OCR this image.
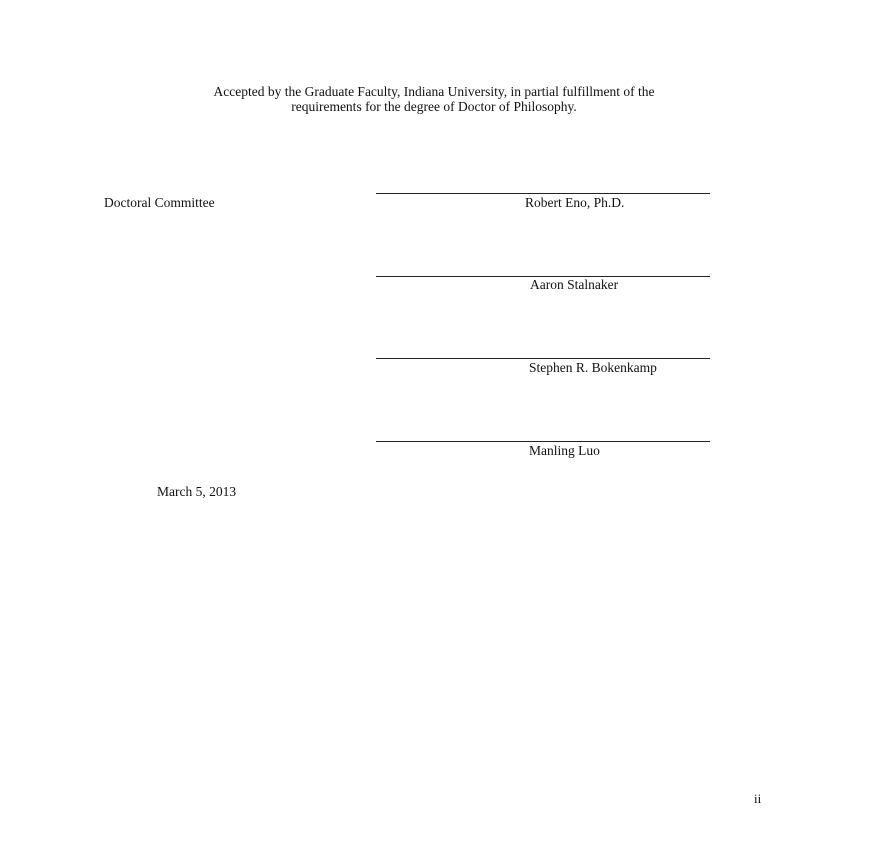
Accepted by the Graduate Faculty, Indiana University, in partial fulfillment of the
requirements for the degree of Doctor of Philosophy.
Doctoral Committee	Robert Eno, Ph.D.
Aaron Stalnaker
Stephen R. Bokenkamp
Manling Luo
March 5, 2013
ii
